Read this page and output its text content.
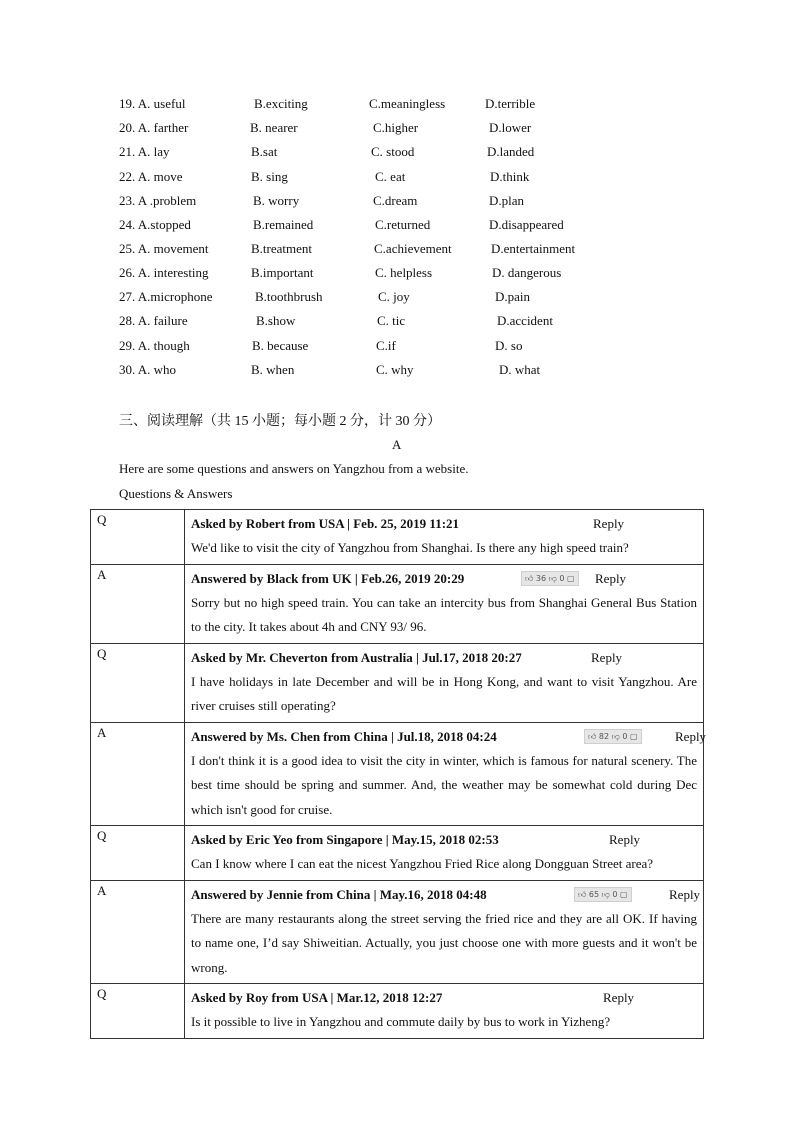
19. A. useful	B.exciting	C.meaningless	D.terrible
20. A. farther	B. nearer	C.higher	D.lower
21. A. lay	B.sat	C. stood	D.landed
22. A. move	B. sing	C. eat	D.think
23. A .problem	B. worry	C.dream	D.plan
24. A.stopped	B.remained	C.returned	D.disappeared
25. A. movement	B.treatment	C.achievement	D.entertainment
26. A. interesting	B.important	C. helpless	D. dangerous
27. A.microphone	B.toothbrush	C. joy	D.pain
28. A. failure	B.show	C. tic	D.accident
29. A. though	B. because	C.if	D. so
30. A. who	B. when	C. why	D. what
三、阅读理解（共 15 小题；每小题 2 分，计 30 分）
A
Here are some questions and answers on Yangzhou from a website.
Questions & Answers
Q	Asked by Robert from USA | Feb. 25, 2019 11:21 Reply
We'd like to visit the city of Yangzhou from Shanghai. Is there any high speed train?

A	Answered by Black from UK | Feb.26, 2019 20:29 👍︎ 36 👎︎ 0 ▢ Reply
Sorry but no high speed train. You can take an intercity bus from Shanghai General Bus Station to the city. It takes about 4h and CNY 93/ 96.

Q	Asked by Mr. Cheverton from Australia | Jul.17, 2018 20:27 Reply
I have holidays in late December and will be in Hong Kong, and want to visit Yangzhou. Are river cruises still operating?

A	Answered by Ms. Chen from China | Jul.18, 2018 04:24 👍︎ 82 👎︎ 0 ▢ Reply
I don't think it is a good idea to visit the city in winter, which is famous for natural scenery. The best time should be spring and summer. And, the weather may be somewhat cold during Dec which isn't good for cruise.

Q	Asked by Eric Yeo from Singapore | May.15, 2018 02:53 Reply
Can I know where I can eat the nicest Yangzhou Fried Rice along Dongguan Street area?

A	Answered by Jennie from China | May.16, 2018 04:48 👍︎ 65 👎︎ 0 ▢ Reply
There are many restaurants along the street serving the fried rice and they are all OK. If having to name one, I’d say Shiweitian. Actually, you just choose one with more guests and it won't be wrong.

Q	Asked by Roy from USA | Mar.12, 2018 12:27 Reply
Is it possible to live in Yangzhou and commute daily by bus to work in Yizheng?
